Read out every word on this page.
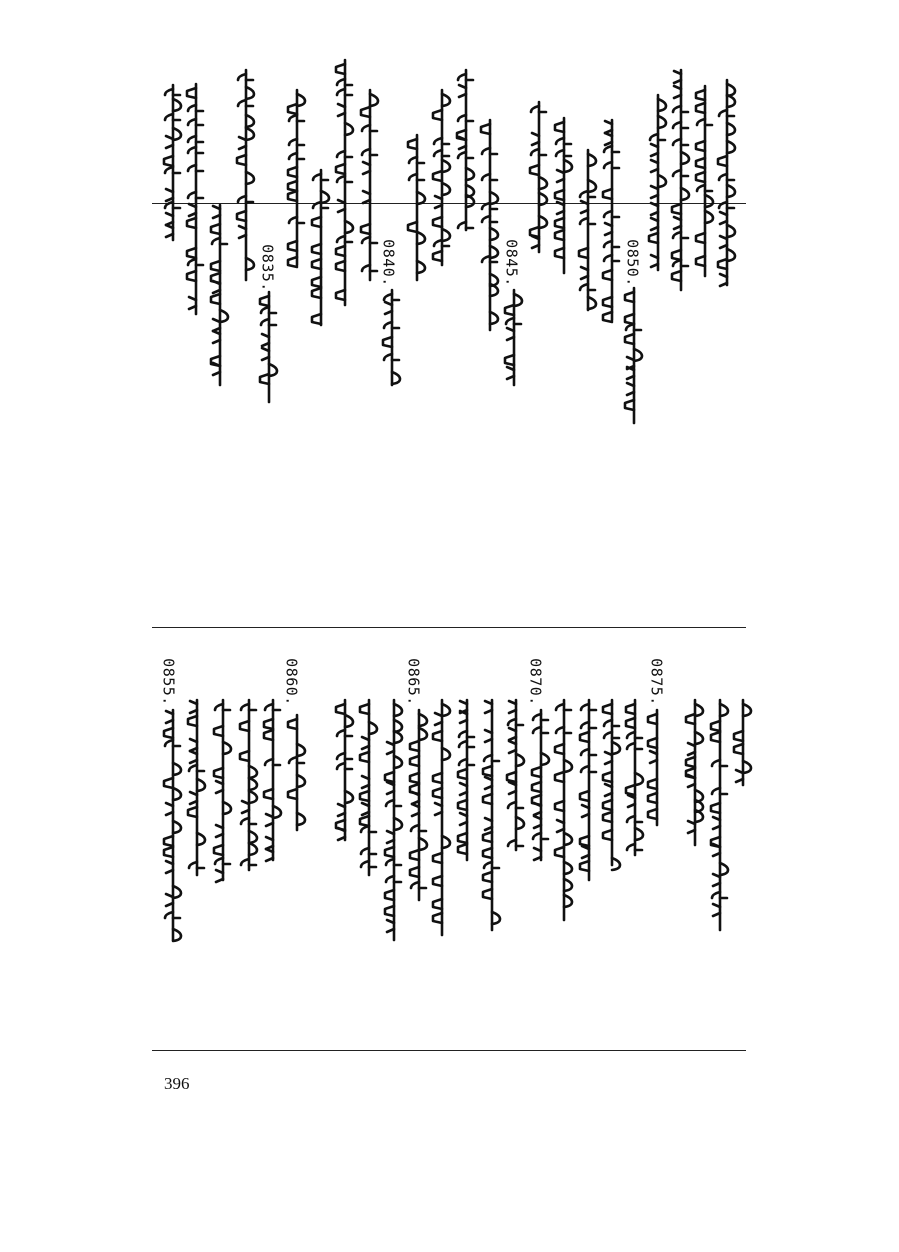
0850.
0845.
0840.
0835.
0875.
0870.
0865.
0860.
0855.
396
